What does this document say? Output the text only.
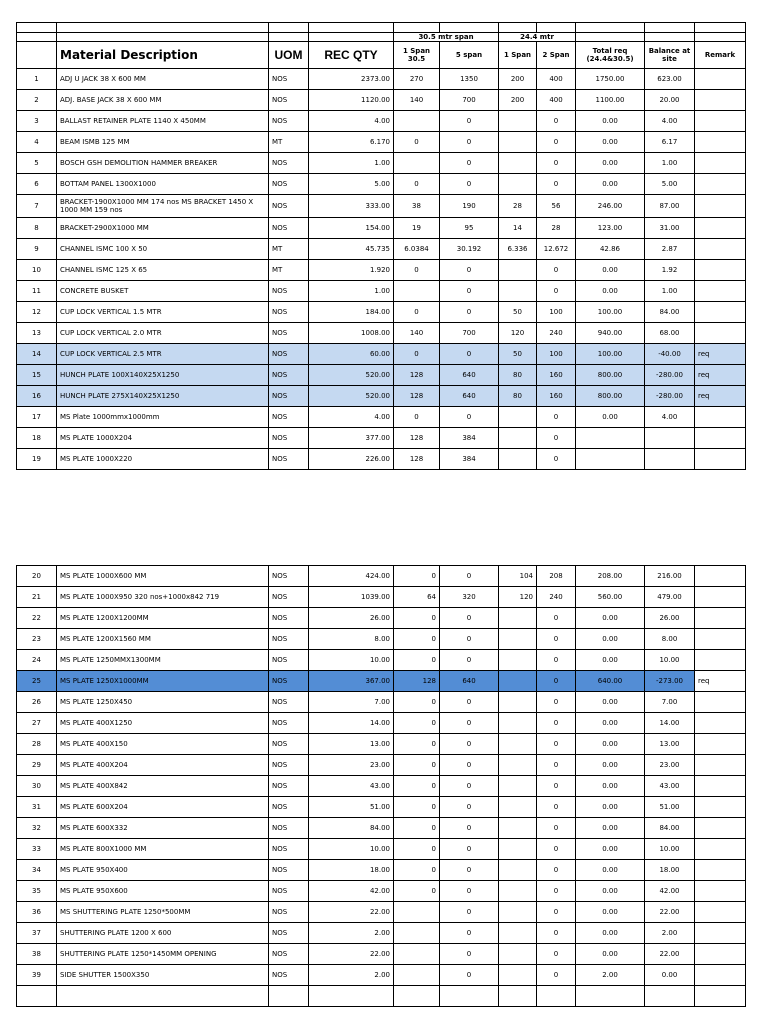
				30.5 mtr span		24.4 mtr				
	Material Description	UOM	REC QTY	1 Span 30.5	5 span	1 Span	2 Span	Total req (24.4&30.5)	Balance at site	Remark
1	ADJ U JACK 38 X 600 MM	NOS	2373.00	270	1350	200	400	1750.00	623.00	
2	ADJ. BASE JACK 38 X 600 MM	NOS	1120.00	140	700	200	400	1100.00	20.00	
3	BALLAST RETAINER PLATE 1140 X 450MM	NOS	4.00		0		0	0.00	4.00	
4	BEAM ISMB 125 MM	MT	6.170	0	0		0	0.00	6.17	
5	BOSCH GSH DEMOLITION HAMMER BREAKER	NOS	1.00		0		0	0.00	1.00	
6	BOTTAM PANEL 1300X1000	NOS	5.00	0	0		0	0.00	5.00	
7	BRACKET-1900X1000 MM 174 nos MS BRACKET 1450 X 1000 MM 159 nos	NOS	333.00	38	190	28	56	246.00	87.00	
8	BRACKET-2900X1000 MM	NOS	154.00	19	95	14	28	123.00	31.00	
9	CHANNEL ISMC 100 X 50	MT	45.735	6.0384	30.192	6.336	12.672	42.86	2.87	
10	CHANNEL ISMC 125 X 65	MT	1.920	0	0		0	0.00	1.92	
11	CONCRETE BUSKET	NOS	1.00		0		0	0.00	1.00	
12	CUP LOCK VERTICAL 1.5 MTR	NOS	184.00	0	0	50	100	100.00	84.00	
13	CUP LOCK VERTICAL 2.0 MTR	NOS	1008.00	140	700	120	240	940.00	68.00	
14	CUP LOCK VERTICAL 2.5 MTR	NOS	60.00	0	0	50	100	100.00	-40.00	req
15	HUNCH PLATE 100X140X25X1250	NOS	520.00	128	640	80	160	800.00	-280.00	req
16	HUNCH PLATE 275X140X25X1250	NOS	520.00	128	640	80	160	800.00	-280.00	req
17	MS Plate 1000mmx1000mm	NOS	4.00	0	0		0	0.00	4.00	
18	MS PLATE 1000X204	NOS	377.00	128	384		0			
19	MS PLATE 1000X220	NOS	226.00	128	384		0			
20	MS PLATE 1000X600 MM	NOS	424.00	0	0	104	208	208.00	216.00	
21	MS PLATE 1000X950 320 nos+1000x842 719	NOS	1039.00	64	320	120	240	560.00	479.00	
22	MS PLATE 1200X1200MM	NOS	26.00	0	0		0	0.00	26.00	
23	MS PLATE 1200X1560 MM	NOS	8.00	0	0		0	0.00	8.00	
24	MS PLATE 1250MMX1300MM	NOS	10.00	0	0		0	0.00	10.00	
25	MS PLATE 1250X1000MM	NOS	367.00	128	640		0	640.00	-273.00	req
26	MS PLATE 1250X450	NOS	7.00	0	0		0	0.00	7.00	
27	MS PLATE 400X1250	NOS	14.00	0	0		0	0.00	14.00	
28	MS PLATE 400X150	NOS	13.00	0	0		0	0.00	13.00	
29	MS PLATE 400X204	NOS	23.00	0	0		0	0.00	23.00	
30	MS PLATE 400X842	NOS	43.00	0	0		0	0.00	43.00	
31	MS PLATE 600X204	NOS	51.00	0	0		0	0.00	51.00	
32	MS PLATE 600X332	NOS	84.00	0	0		0	0.00	84.00	
33	MS PLATE 800X1000 MM	NOS	10.00	0	0		0	0.00	10.00	
34	MS PLATE 950X400	NOS	18.00	0	0		0	0.00	18.00	
35	MS PLATE 950X600	NOS	42.00	0	0		0	0.00	42.00	
36	MS SHUTTERING PLATE 1250*500MM	NOS	22.00		0		0	0.00	22.00	
37	SHUTTERING PLATE 1200 X 600	NOS	2.00		0		0	0.00	2.00	
38	SHUTTERING PLATE 1250*1450MM OPENING	NOS	22.00		0		0	0.00	22.00	
39	SIDE SHUTTER 1500X350	NOS	2.00		0		0	2.00	0.00	
